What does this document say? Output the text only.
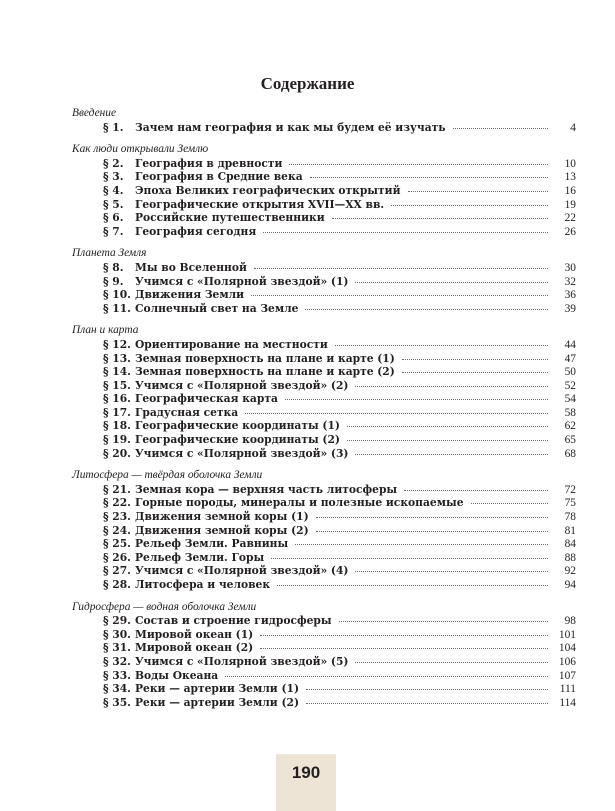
Содержание
Введение
§ 1.	Зачем нам география и как мы будем её изучать	4
Как люди открывали Землю
§ 2.	География в древности	10
§ 3.	География в Средние века	13
§ 4.	Эпоха Великих географических открытий	16
§ 5.	Географические открытия XVII—XX вв.	19
§ 6.	Российские путешественники	22
§ 7.	География сегодня	26
Планета Земля
§ 8.	Мы во Вселенной	30
§ 9.	Учимся с «Полярной звездой» (1)	32
§ 10. Движения Земли	36
§ 11. Солнечный свет на Земле	39
План и карта
§ 12. Ориентирование на местности	44
§ 13. Земная поверхность на плане и карте (1)	47
§ 14. Земная поверхность на плане и карте (2)	50
§ 15. Учимся с «Полярной звездой» (2)	52
§ 16. Географическая карта	54
§ 17. Градусная сетка	58
§ 18. Географические координаты (1)	62
§ 19. Географические координаты (2)	65
§ 20. Учимся с «Полярной звездой» (3)	68
Литосфера — твёрдая оболочка Земли
§ 21. Земная кора — верхняя часть литосферы	72
§ 22. Горные породы, минералы и полезные ископаемые	75
§ 23. Движения земной коры (1)	78
§ 24. Движения земной коры (2)	81
§ 25. Рельеф Земли. Равнины	84
§ 26. Рельеф Земли. Горы	88
§ 27. Учимся с «Полярной звездой» (4)	92
§ 28. Литосфера и человек	94
Гидросфера — водная оболочка Земли
§ 29. Состав и строение гидросферы	98
§ 30. Мировой океан (1)	101
§ 31. Мировой океан (2)	104
§ 32. Учимся с «Полярной звездой» (5)	106
§ 33. Воды Океана	107
§ 34. Реки — артерии Земли (1)	111
§ 35. Реки — артерии Земли (2)	114
190
